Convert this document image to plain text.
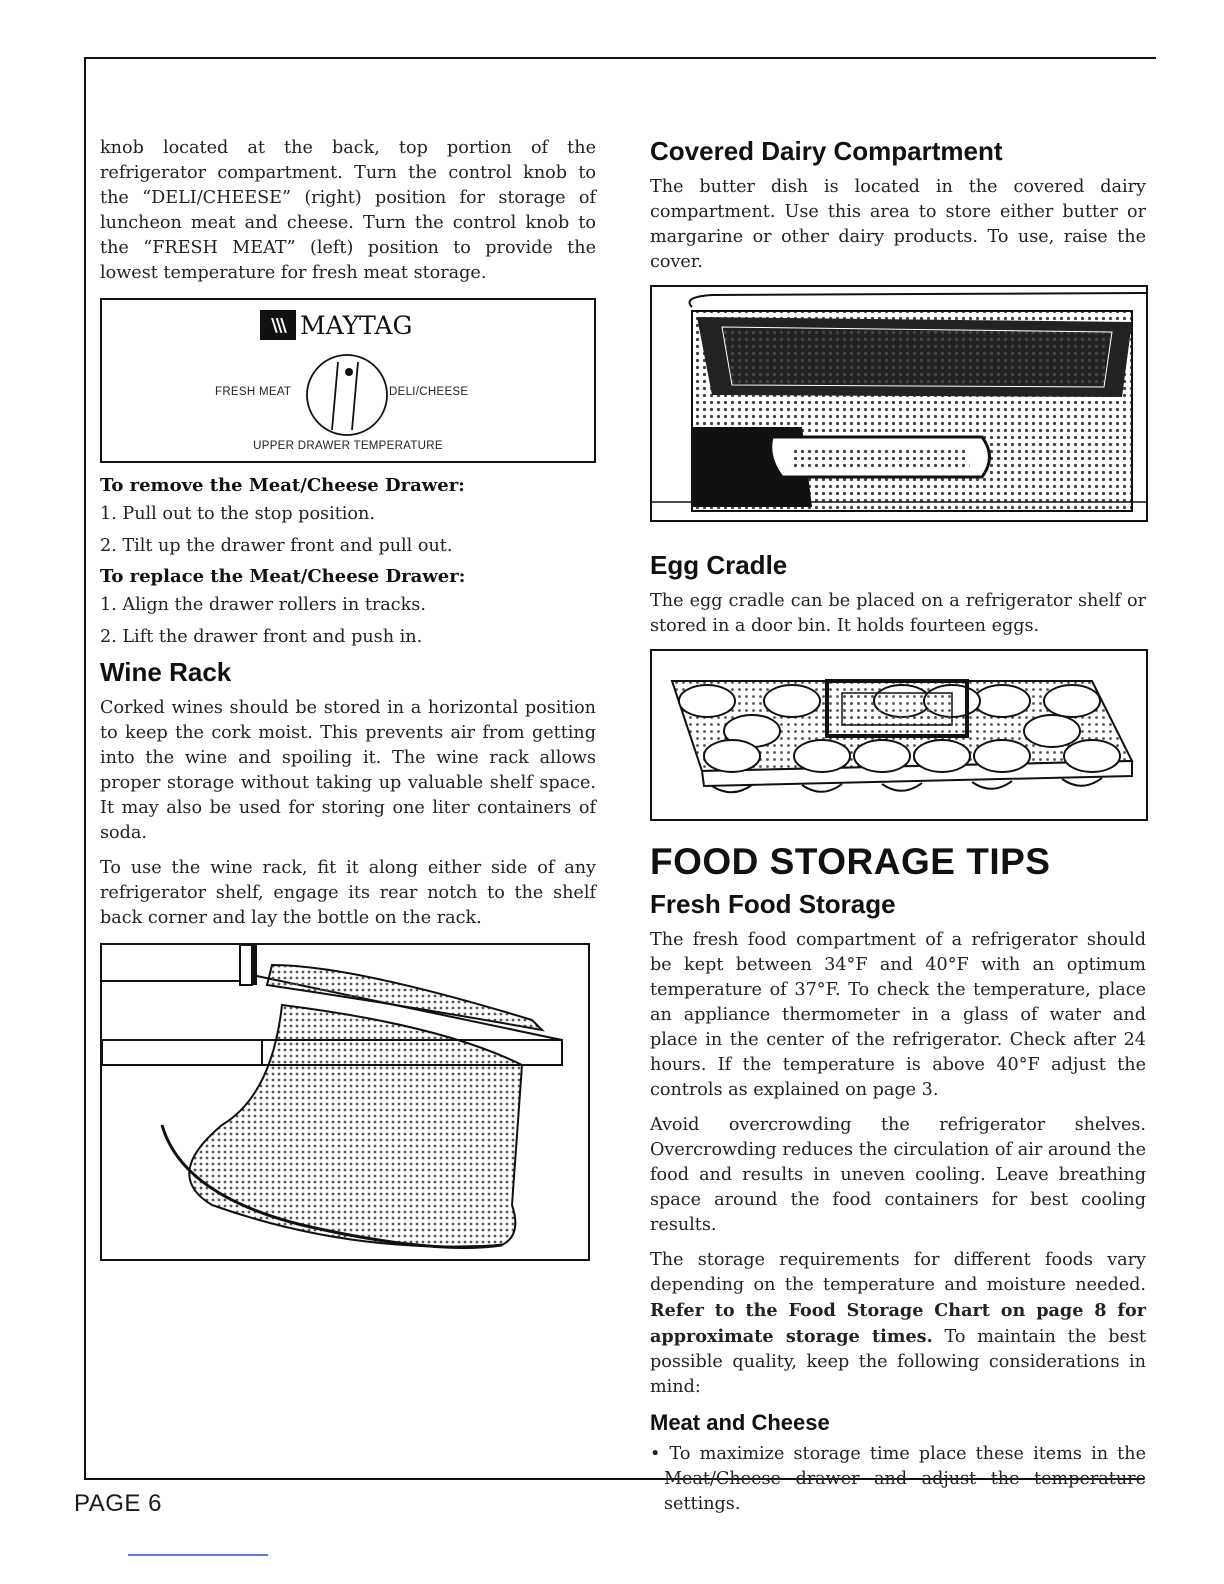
knob located at the back, top portion of the refrigerator compartment. Turn the control knob to the “DELI/CHEESE” (right) position for storage of luncheon meat and cheese. Turn the control knob to the “FRESH MEAT” (left) position to provide the lowest temperature for fresh meat storage.

\\\ MAYTAG
FRESH MEAT	DELI/CHEESE
UPPER DRAWER TEMPERATURE
To remove the Meat/Cheese Drawer:
1. Pull out to the stop position.
2. Tilt up the drawer front and pull out.
To replace the Meat/Cheese Drawer:
1. Align the drawer rollers in tracks.
2. Lift the drawer front and push in.
Wine Rack

Corked wines should be stored in a horizontal position to keep the cork moist. This prevents air from getting into the wine and spoiling it. The wine rack allows proper storage without taking up valuable shelf space. It may also be used for storing one liter containers of soda.

To use the wine rack, fit it along either side of any refrigerator shelf, engage its rear notch to the shelf back corner and lay the bottle on the rack.

Covered Dairy Compartment

The butter dish is located in the covered dairy compartment. Use this area to store either butter or margarine or other dairy products. To use, raise the cover.

Egg Cradle

The egg cradle can be placed on a refrigerator shelf or stored in a door bin. It holds fourteen eggs.

FOOD STORAGE TIPS
Fresh Food Storage

The fresh food compartment of a refrigerator should be kept between 34°F and 40°F with an optimum temperature of 37°F. To check the temperature, place an appliance thermometer in a glass of water and place in the center of the refrigerator. Check after 24 hours. If the temperature is above 40°F adjust the controls as explained on page 3.

Avoid overcrowding the refrigerator shelves. Overcrowding reduces the circulation of air around the food and results in uneven cooling. Leave breathing space around the food containers for best cooling results.

The storage requirements for different foods vary depending on the temperature and moisture needed. Refer to the Food Storage Chart on page 8 for approximate storage times. To maintain the best possible quality, keep the following considerations in mind:

Meat and Cheese
• To maximize storage time place these items in the Meat/Cheese drawer and adjust the temperature settings.
PAGE 6
